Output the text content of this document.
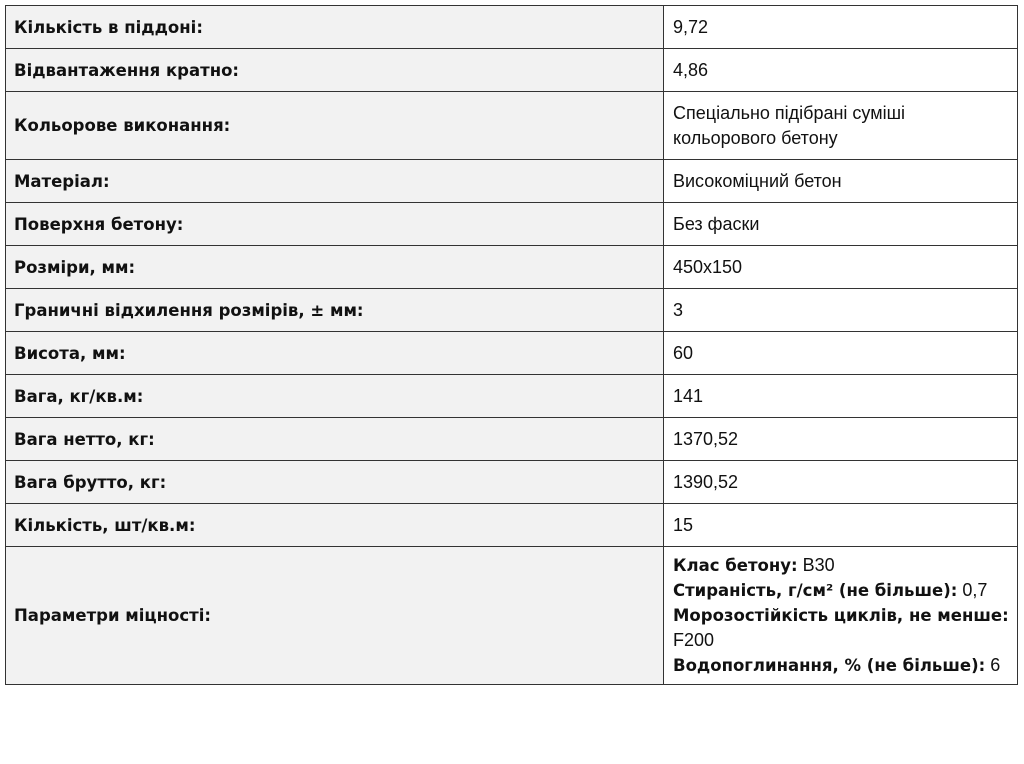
Кількість в піддоні:	9,72
Відвантаження кратно:	4,86
Кольорове виконання:	Спеціально підібрані суміші кольорового бетону
Матеріал:	Високоміцний бетон
Поверхня бетону:	Без фаски
Розміри, мм:	450x150
Граничні відхилення розмірів, ± мм:	3
Висота, мм:	60
Вага, кг/кв.м:	141
Вага нетто, кг:	1370,52
Вага брутто, кг:	1390,52
Кількість, шт/кв.м:	15
Параметри міцності:	Клас бетону: B30
Стираність, г/см² (не більше): 0,7
Морозостійкість циклів, не менше: F200
Водопоглинання, % (не більше): 6
